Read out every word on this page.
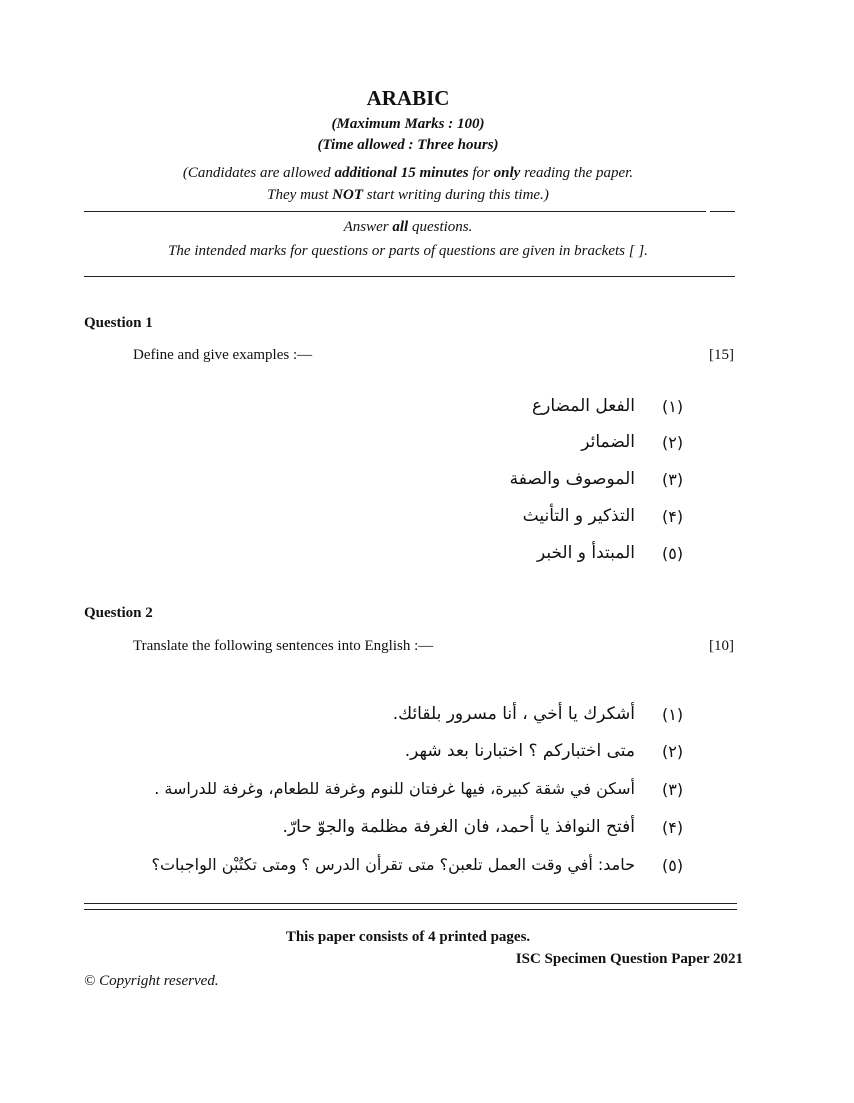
ARABIC
(Maximum Marks : 100)
(Time allowed : Three hours)
(Candidates are allowed additional 15 minutes for only reading the paper.
They must NOT start writing during this time.)
Answer all questions.
The intended marks for questions or parts of questions are given in brackets [ ].
Question 1
Define and give examples :—	[15]
(١)
الفعل المضارع
(٢)
الضمائر
(٣)
الموصوف والصفة
(۴)
التذكير و التأنيث
(٥)
المبتدأ و الخبر
Question 2
Translate the following sentences into English :—	[10]
(١)
أشكرك يا أخي ، أنا مسرور بلقائك.
(٢)
متى اختباركم ؟ اختبارنا بعد شهر.
(٣)
أسكن في شقة كبيرة، فيها غرفتان للنوم وغرفة للطعام، وغرفة للدراسة .
(۴)
أفتح النوافذ يا أحمد، فان الغرفة مظلمة والجوّ حارّ.
(٥)
حامد: أفي وقت العمل تلعبن؟ متى تقرأن الدرس ؟ ومتى تكتُبْن الواجبات؟
This paper consists of 4 printed pages.
ISC Specimen Question Paper 2021
© Copyright reserved.
